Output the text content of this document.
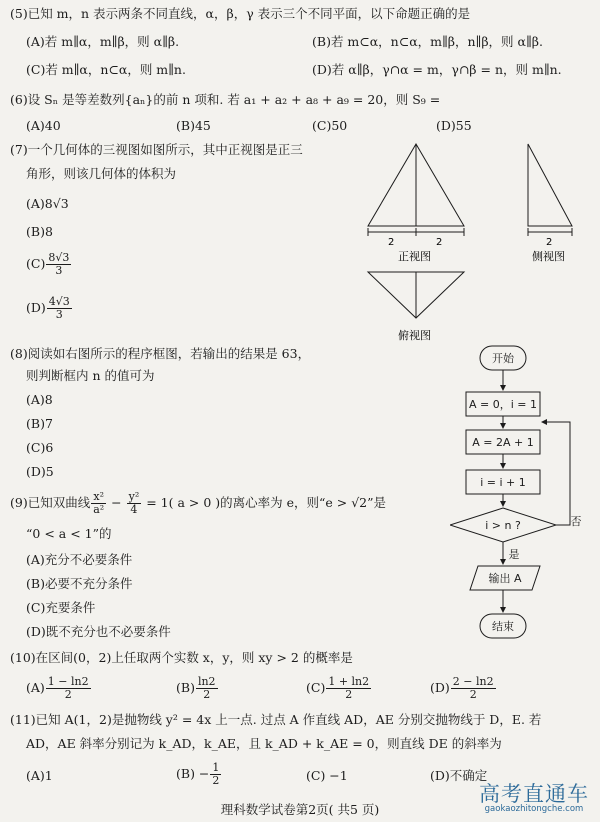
(5)已知 m，n 表示两条不同直线，α，β，γ 表示三个不同平面，以下命题正确的是
(A)若 m∥α，m∥β，则 α∥β.	(B)若 m⊂α，n⊂α，m∥β，n∥β，则 α∥β.
(C)若 m∥α，n⊂α，则 m∥n.	(D)若 α∥β，γ∩α = m，γ∩β = n，则 m∥n.
(6)设 Sₙ 是等差数列{aₙ}的前 n 项和. 若 a₁ + a₂ + a₈ + a₉ = 20，则 S₉ =
(A)40	(B)45	(C)50	(D)55
(7)一个几何体的三视图如图所示，其中正视图是正三
角形，则该几何体的体积为
(A)8√3
(B)8
$(C) \frac{8√3}{3}$
$(D) \frac{4√3}{3}$
2	2	2
正视图	侧视图
俯视图
(8)阅读如右图所示的程序框图，若输出的结果是 63，
则判断框内 n 的值可为
(A)8
(B)7
(C)6
(D)5
开始
A = 0，i = 1
A = 2A + 1
i = i + 1
i > n ?	否
是
输出 A
结束
(9)已知双曲线 $\frac{\text{x²}}{\text{a²}} - \frac{\text{y²}}{4} = 1$( a > 0 )的离心率为 e，则“e > √2”是
“0 < a < 1”的
(A)充分不必要条件
(B)必要不充分条件
(C)充要条件
(D)既不充分也不必要条件
(10)在区间(0，2)上任取两个实数 x，y，则 xy > 2 的概率是
$(A) \frac{1 - \ln 2}{2}$	$(B) \frac{\ln 2}{2}$	$(C) \frac{1 + \ln 2}{2}$	$(D) \frac{2 - \ln 2}{2}$
(11)已知 A(1，2)是抛物线 y² = 4x 上一点. 过点 A 作直线 AD，AE 分别交抛物线于 D，E. 若
AD，AE 斜率分别记为 k_AD，k_AE，且 k_AD + k_AE = 0，则直线 DE 的斜率为
(A)1	$(B) - \frac{1}{2}$	(C) −1	(D)不确定
理科数学试卷第2页( 共5 页)
高考直通车
gaokaozhitongche.com
